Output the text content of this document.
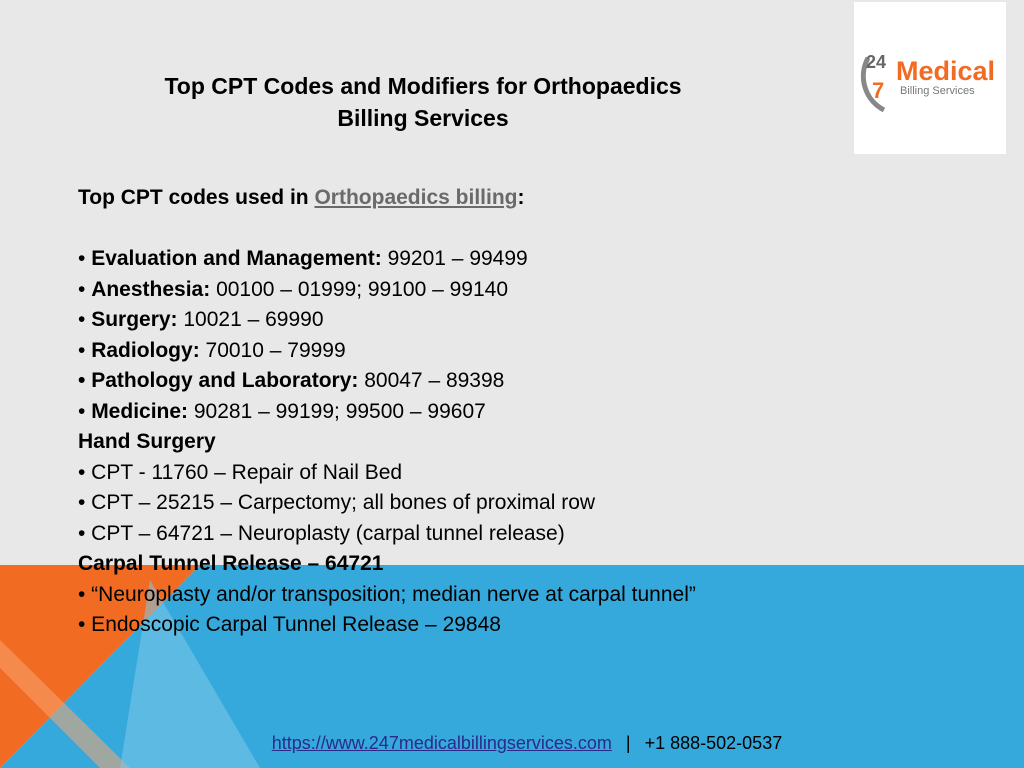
24
7
Medical
Billing Services
Top CPT Codes and Modifiers for Orthopaedics
Billing Services
Top CPT codes used in Orthopaedics billing:
• Evaluation and Management: 99201 – 99499
• Anesthesia: 00100 – 01999; 99100 – 99140
• Surgery: 10021 – 69990
• Radiology: 70010 – 79999
• Pathology and Laboratory: 80047 – 89398
• Medicine: 90281 – 99199; 99500 – 99607
Hand Surgery
• CPT - 11760 – Repair of Nail Bed
• CPT – 25215 – Carpectomy; all bones of proximal row
• CPT – 64721 – Neuroplasty (carpal tunnel release)
Carpal Tunnel Release – 64721
• “Neuroplasty and/or transposition; median nerve at carpal tunnel”
• Endoscopic Carpal Tunnel Release – 29848
https://www.247medicalbillingservices.com | +1 888-502-0537
